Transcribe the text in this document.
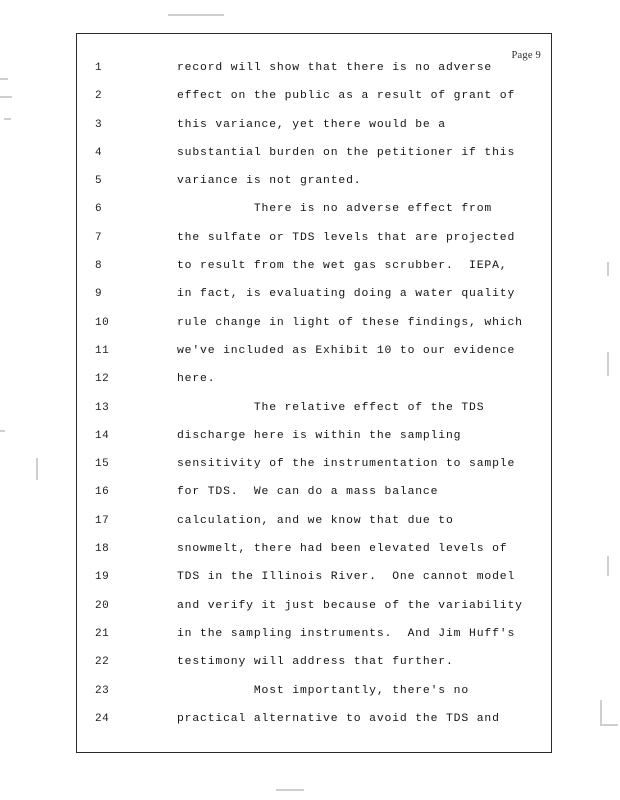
Page 9
1	record will show that there is no adverse
2	effect on the public as a result of grant of
3	this variance, yet there would be a
4	substantial burden on the petitioner if this
5	variance is not granted.
6	There is no adverse effect from
7	the sulfate or TDS levels that are projected
8	to result from the wet gas scrubber.  IEPA,
9	in fact, is evaluating doing a water quality
10	rule change in light of these findings, which
11	we've included as Exhibit 10 to our evidence
12	here.
13	The relative effect of the TDS
14	discharge here is within the sampling
15	sensitivity of the instrumentation to sample
16	for TDS.  We can do a mass balance
17	calculation, and we know that due to
18	snowmelt, there had been elevated levels of
19	TDS in the Illinois River.  One cannot model
20	and verify it just because of the variability
21	in the sampling instruments.  And Jim Huff's
22	testimony will address that further.
23	Most importantly, there's no
24	practical alternative to avoid the TDS and
